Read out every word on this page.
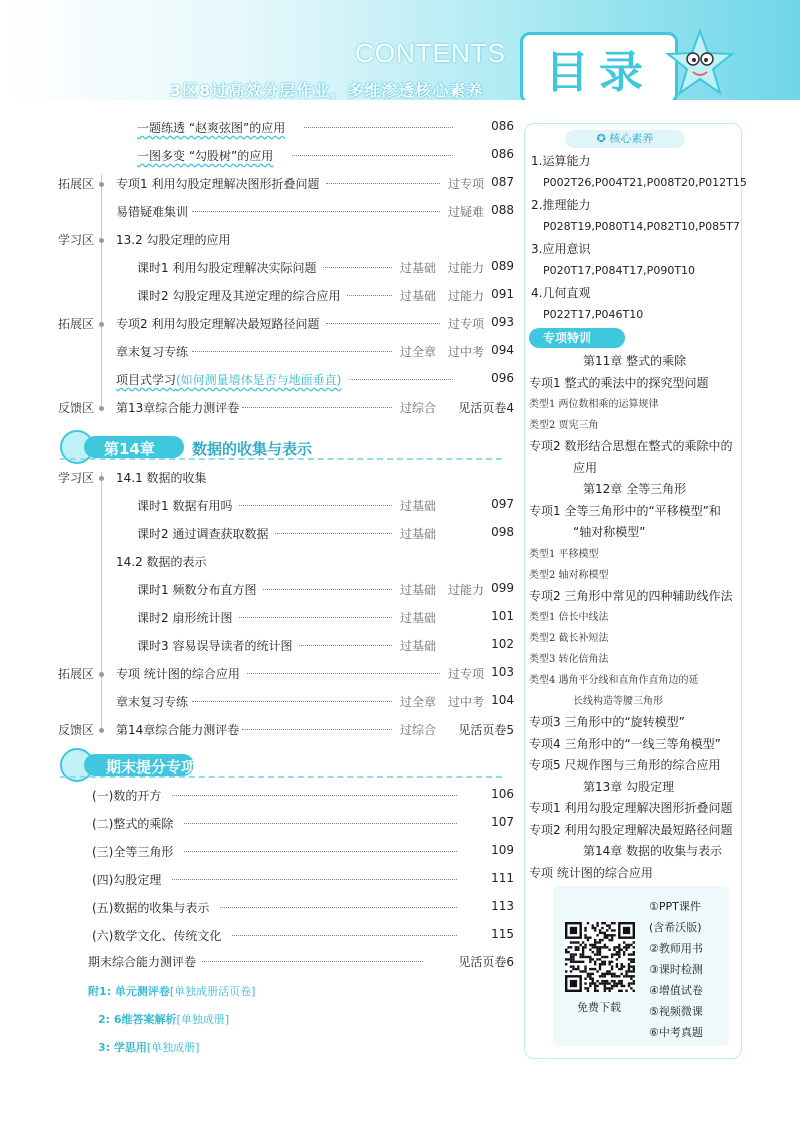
CONTENTS
3区8过高效分层作业，多维渗透核心素养	目录
一题练透 “赵爽弦图”的应用	086
一图多变 “勾股树”的应用	086
拓展区 专项1 利用勾股定理解决图形折叠问题	过专项 087
易错疑难集训	过疑难 088
学习区 13.2 勾股定理的应用
课时1 利用勾股定理解决实际问题	过基础 过能力 089
课时2 勾股定理及其逆定理的综合应用	过基础 过能力 091
拓展区 专项2 利用勾股定理解决最短路径问题	过专项 093
章末复习专练	过全章 过中考 094
项目式学习 (如何测量墙体是否与地面垂直)	096
反馈区 第13章综合能力测评卷	过综合 见活页卷4
第14章 数据的收集与表示
学习区 14.1 数据的收集
课时1 数据有用吗	过基础	097
课时2 通过调查获取数据	过基础	098
14.2 数据的表示
课时1 频数分布直方图	过基础 过能力 099
课时2 扇形统计图	过基础	101
课时3 容易误导读者的统计图	过基础	102
拓展区 专项 统计图的综合应用	过专项 103
章末复习专练	过全章 过中考 104
反馈区 第14章综合能力测评卷	过综合 见活页卷5
期末提分专项
(一)数的开方	106
(二)整式的乘除	107
(三)全等三角形	109
(四)勾股定理	111
(五)数据的收集与表示	113
(六)数学文化、传统文化	115
期末综合能力测评卷	见活页卷6
附1: 单元测评卷[单独成册活页卷]
2: 6维答案解析[单独成册]
3: 学思用[单独成册]
✪ 核心素养
1.运算能力
P002T26,P004T21,P008T20,P012T15
2.推理能力
P028T19,P080T14,P082T10,P085T7
3.应用意识
P020T17,P084T17,P090T10
4.几何直观
P022T17,P046T10
专项特训
第11章 整式的乘除
专项1 整式的乘法中的探究型问题
类型1 两位数相乘的运算规律
类型2 贾宪三角
专项2 数形结合思想在整式的乘除中的
应用
第12章 全等三角形
专项1 全等三角形中的“平移模型”和
“轴对称模型”
类型1 平移模型
类型2 轴对称模型
专项2 三角形中常见的四种辅助线作法
类型1 倍长中线法
类型2 截长补短法
类型3 转化倍角法
类型4 遇角平分线和直角作直角边的延
长线构造等腰三角形
专项3 三角形中的“旋转模型”
专项4 三角形中的“一线三等角模型”
专项5 尺规作图与三角形的综合应用
第13章 勾股定理
专项1 利用勾股定理解决图形折叠问题
专项2 利用勾股定理解决最短路径问题
第14章 数据的收集与表示
专项 统计图的综合应用
免费下载
①PPT课件
(含希沃版)
②教师用书
③课时检测
④增值试卷
⑤视频微课
⑥中考真题
